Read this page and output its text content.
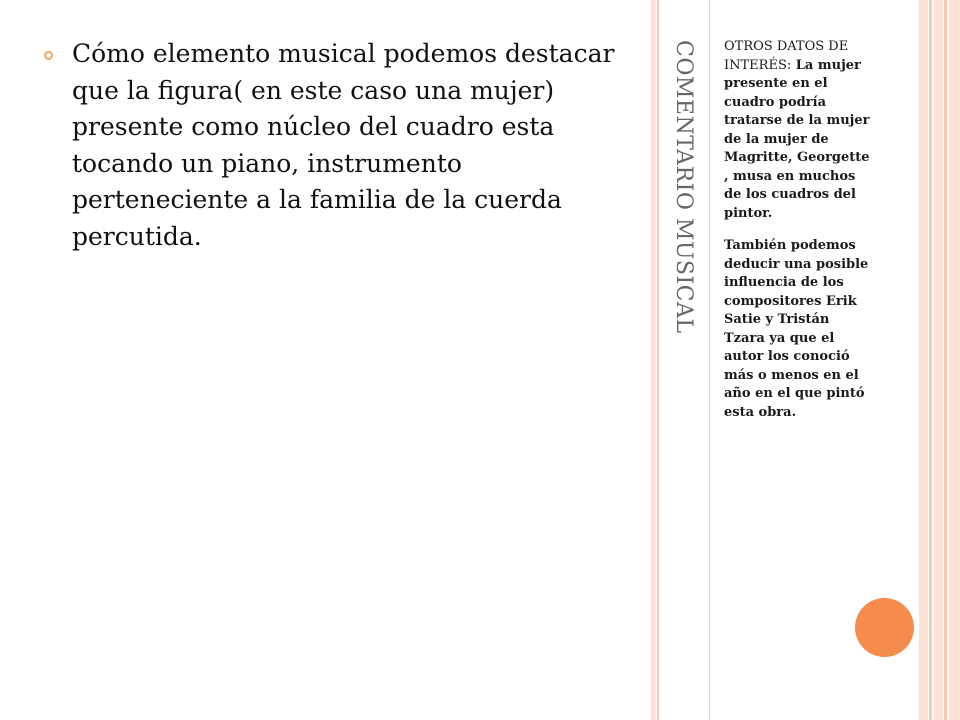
Cómo elemento musical podemos destacar que la figura( en este caso una mujer) presente como núcleo del cuadro esta tocando un piano, instrumento perteneciente a la familia de la cuerda percutida.	COMENTARIO MUSICAL	OTROS DATOS DE INTERÉS: La mujer presente en el cuadro podría tratarse de la mujer de la mujer de Magritte, Georgette , musa en muchos de los cuadros del pintor.

También podemos deducir una posible influencia de los compositores Erik Satie y Tristán Tzara ya que el autor los conoció más o menos en el año en el que pintó esta obra.
